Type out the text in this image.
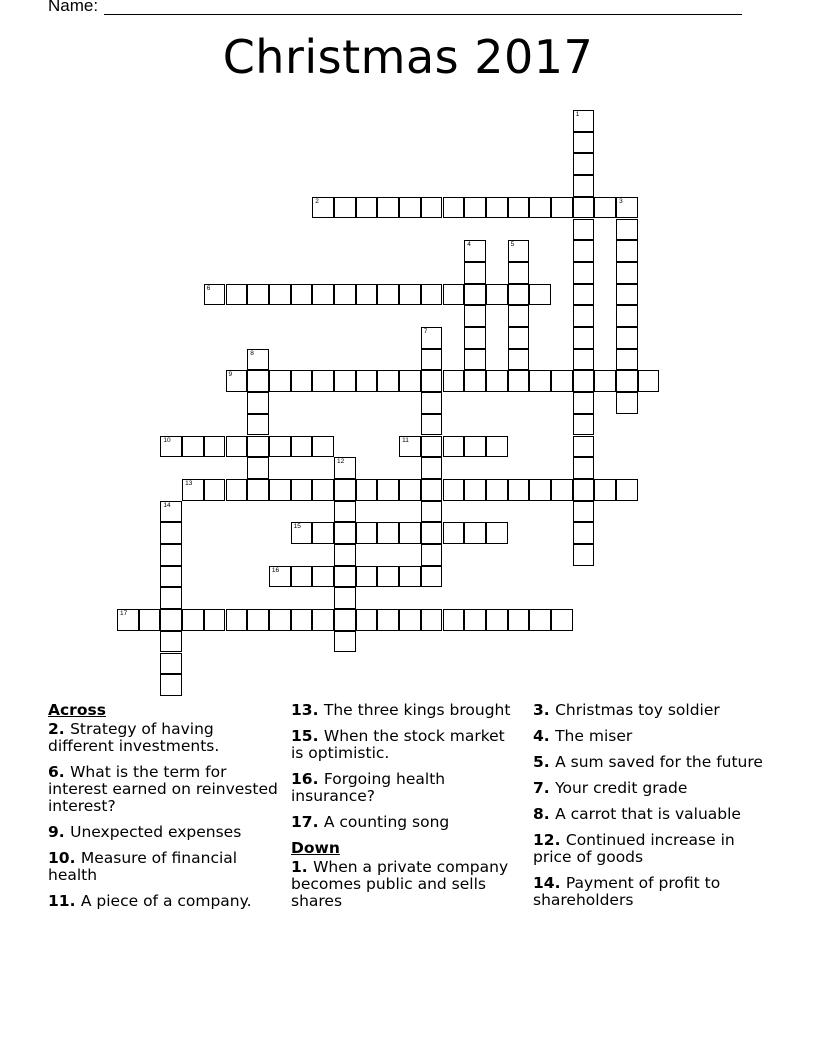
Name:
Christmas 2017
1
2	3
4	5
6
7
8
9
10	11
12
13
14
15
16
17
Across
2. Strategy of having different investments.
6. What is the term for interest earned on reinvested interest?
9. Unexpected expenses
10. Measure of financial health
11. A piece of a company.
13. The three kings brought
15. When the stock market is optimistic.
16. Forgoing health insurance?
17. A counting song
Down
1. When a private company becomes public and sells shares
3. Christmas toy soldier
4. The miser
5. A sum saved for the future
7. Your credit grade
8. A carrot that is valuable
12. Continued increase in price of goods
14. Payment of profit to shareholders
